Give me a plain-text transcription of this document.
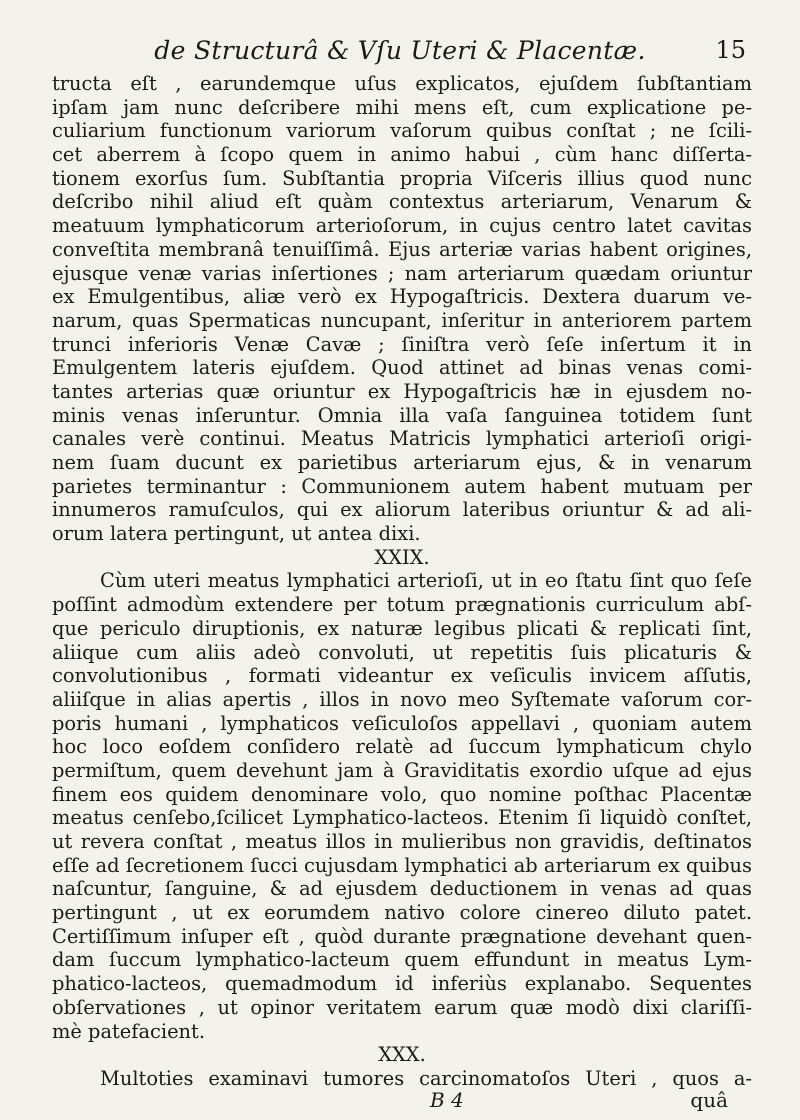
de Structurâ & Vſu Uteri & Placentæ.	15
tructa eſt , earundemque uſus explicatos, ejuſdem ſubſtantiam
ipſam jam nunc deſcribere mihi mens eſt, cum explicatione pe-
culiarium functionum variorum vaſorum quibus conſtat ; ne ſcili-
cet aberrem à ſcopo quem in animo habui , cùm hanc diſſerta-
tionem exorſus ſum. Subſtantia propria Viſceris illius quod nunc
deſcribo nihil aliud eſt quàm contextus arteriarum, Venarum &
meatuum lymphaticorum arterioſorum, in cujus centro latet cavitas
conveſtita membranâ tenuiſſimâ. Ejus arteriæ varias habent origines,
ejusque venæ varias inſertiones ; nam arteriarum quædam oriuntur
ex Emulgentibus, aliæ verò ex Hypogaſtricis. Dextera duarum ve-
narum, quas Spermaticas nuncupant, inſeritur in anteriorem partem
trunci inferioris Venæ Cavæ ; ſiniſtra verò ſeſe inſertum it in
Emulgentem lateris ejuſdem. Quod attinet ad binas venas comi-
tantes arterias quæ oriuntur ex Hypogaſtricis hæ in ejusdem no-
minis venas inſeruntur. Omnia illa vaſa ſanguinea totidem ſunt
canales verè continui. Meatus Matricis lymphatici arterioſi origi-
nem ſuam ducunt ex parietibus arteriarum ejus, & in venarum
parietes terminantur : Communionem autem habent mutuam per
innumeros ramuſculos, qui ex aliorum lateribus oriuntur & ad ali-
orum latera pertingunt, ut antea dixi.
XXIX.
Cùm uteri meatus lymphatici arterioſi, ut in eo ſtatu ſint quo ſeſe
poſſint admodùm extendere per totum prægnationis curriculum abſ-
que periculo diruptionis, ex naturæ legibus plicati & replicati ſint,
aliique cum aliis adeò convoluti, ut repetitis ſuis plicaturis &
convolutionibus , formati videantur ex veſiculis invicem aſſutis,
aliiſque in alias apertis , illos in novo meo Syſtemate vaſorum cor-
poris humani , lymphaticos veſiculoſos appellavi , quoniam autem
hoc loco eoſdem conſidero relatè ad ſuccum lymphaticum chylo
permiſtum, quem devehunt jam à Graviditatis exordio uſque ad ejus
finem eos quidem denominare volo, quo nomine poſthac Placentæ
meatus cenſebo,ſcilicet Lymphatico-lacteos. Etenim ſi liquidò conſtet,
ut revera conſtat , meatus illos in mulieribus non gravidis, deſtinatos
eſſe ad ſecretionem ſucci cujusdam lymphatici ab arteriarum ex quibus
naſcuntur, ſanguine, & ad ejusdem deductionem in venas ad quas
pertingunt , ut ex eorumdem nativo colore cinereo diluto patet.
Certiſſimum inſuper eſt , quòd durante prægnatione devehant quen-
dam ſuccum lymphatico-lacteum quem effundunt in meatus Lym-
phatico-lacteos, quemadmodum id inferiùs explanabo. Sequentes
obſervationes , ut opinor veritatem earum quæ modò dixi clariſſi-
mè patefacient.
XXX.
Multoties examinavi tumores carcinomatoſos Uteri , quos a-
B 4	quâ
